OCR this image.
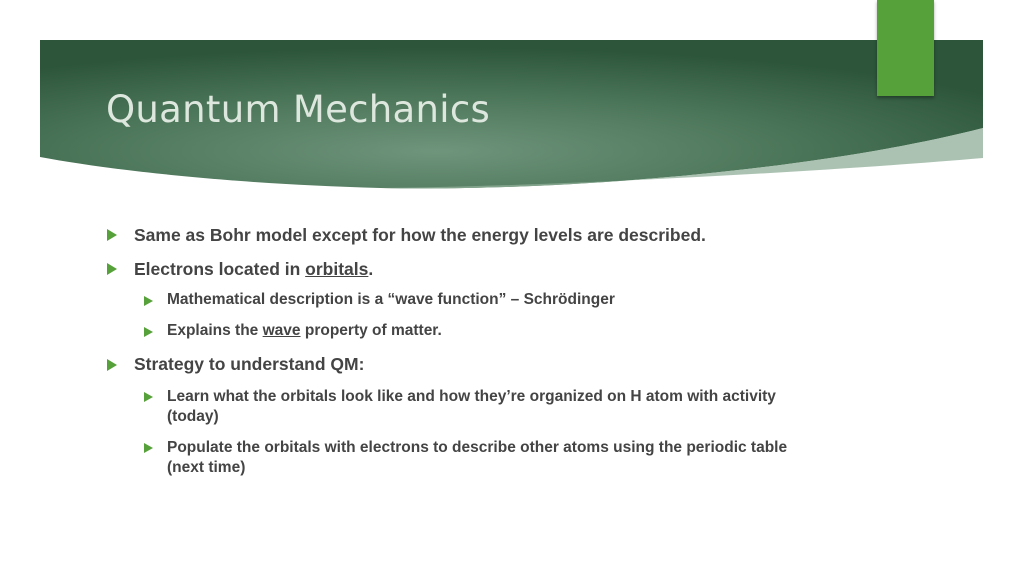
Quantum Mechanics
Same as Bohr model except for how the energy levels are described.
Electrons located in orbitals.
Mathematical description is a “wave function” – Schrödinger
Explains the wave property of matter.
Strategy to understand QM:
Learn what the orbitals look like and how they’re organized on H atom with activity (today)
Populate the orbitals with electrons to describe other atoms using the periodic table (next time)
